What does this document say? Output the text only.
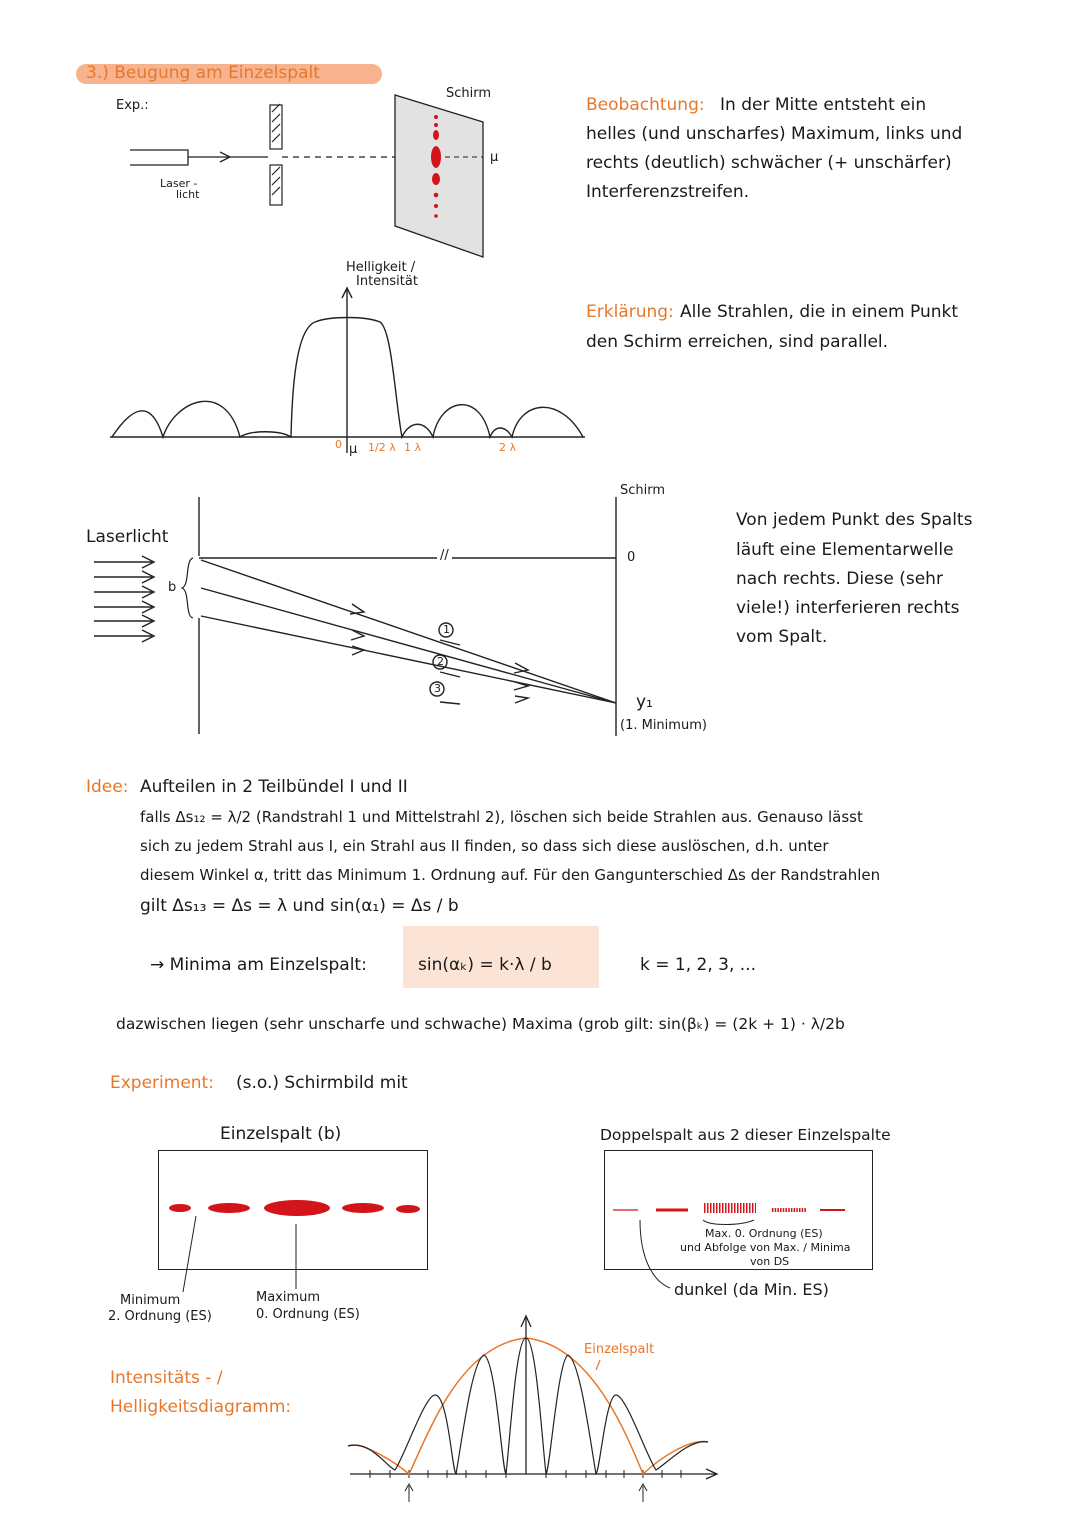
3.) Beugung am Einzelspalt
Exp.:
Laser -
licht
Schirm
μ
Beobachtung: In der Mitte entsteht ein
helles (und unscharfes) Maximum, links und
rechts (deutlich) schwächer (+ unschärfer)
Interferenzstreifen.
Erklärung: Alle Strahlen, die in einem Punkt
den Schirm erreichen, sind parallel.
Helligkeit /
Intensität
0 μ 1/2 λ 1 λ	2 λ
Laserlicht
b
Schirm
0
//
1
2
3
y₁
(1. Minimum)
Von jedem Punkt des Spalts
läuft eine Elementarwelle
nach rechts. Diese (sehr
viele!) interferieren rechts
vom Spalt.
Idee: Aufteilen in 2 Teilbündel I und II
falls Δs₁₂ = λ/2 (Randstrahl 1 und Mittelstrahl 2), löschen sich beide Strahlen aus. Genauso lässt
sich zu jedem Strahl aus I, ein Strahl aus II finden, so dass sich diese auslöschen, d.h. unter
diesem Winkel α, tritt das Minimum 1. Ordnung auf. Für den Gangunterschied Δs der Randstrahlen
gilt Δs₁₃ = Δs = λ und sin(α₁) = Δs / b
→ Minima am Einzelspalt:	sin(αₖ) = k·λ / b	k = 1, 2, 3, ...
dazwischen liegen (sehr unscharfe und schwache) Maxima (grob gilt: sin(βₖ) = (2k + 1) · λ/2b
Experiment: (s.o.) Schirmbild mit
Einzelspalt (b)	Doppelspalt aus 2 dieser Einzelspalte
Minimum
2. Ordnung (ES)
Maximum
0. Ordnung (ES)
Max. 0. Ordnung (ES)
und Abfolge von Max. / Minima
von DS
dunkel (da Min. ES)
Intensitäts - /
Helligkeitsdiagramm:
Einzelspalt
